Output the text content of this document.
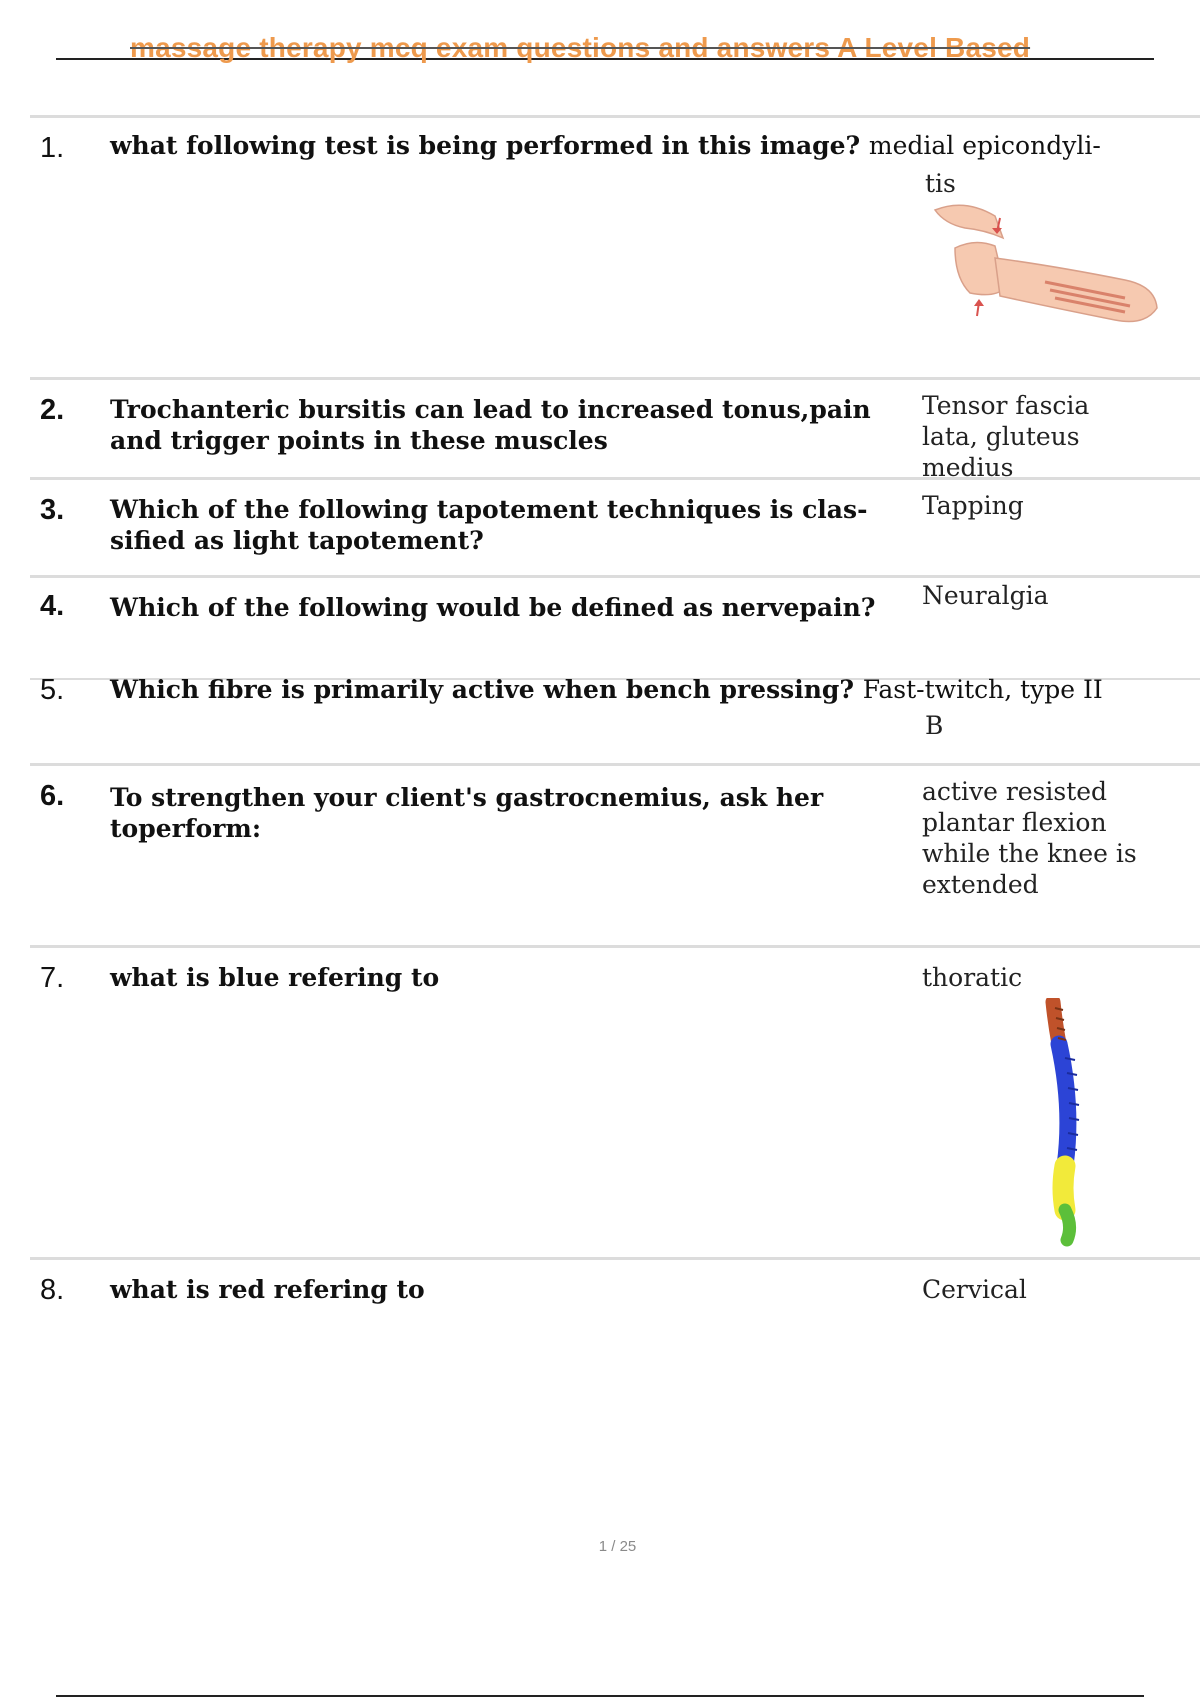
massage therapy mcq exam questions and answers A Level Based
1. what following test is being performed in this image? medial epicondyli-
tis
2. Trochanteric bursitis can lead to increased tonus,pain and trigger points in these muscles
Tensor fascia lata, gluteus medius
3. Which of the following tapotement techniques is clas-sified as light tapotement?
Tapping
4. Which of the following would be defined as nervepain?	Neuralgia
5. Which fibre is primarily active when bench pressing? Fast-twitch, type II
B
6. To strengthen your client's gastrocnemius, ask her toperform:
active resisted plantar flexion while the knee is extended
7. what is blue refering to	thoratic
8. what is red refering to	Cervical
1 / 25
